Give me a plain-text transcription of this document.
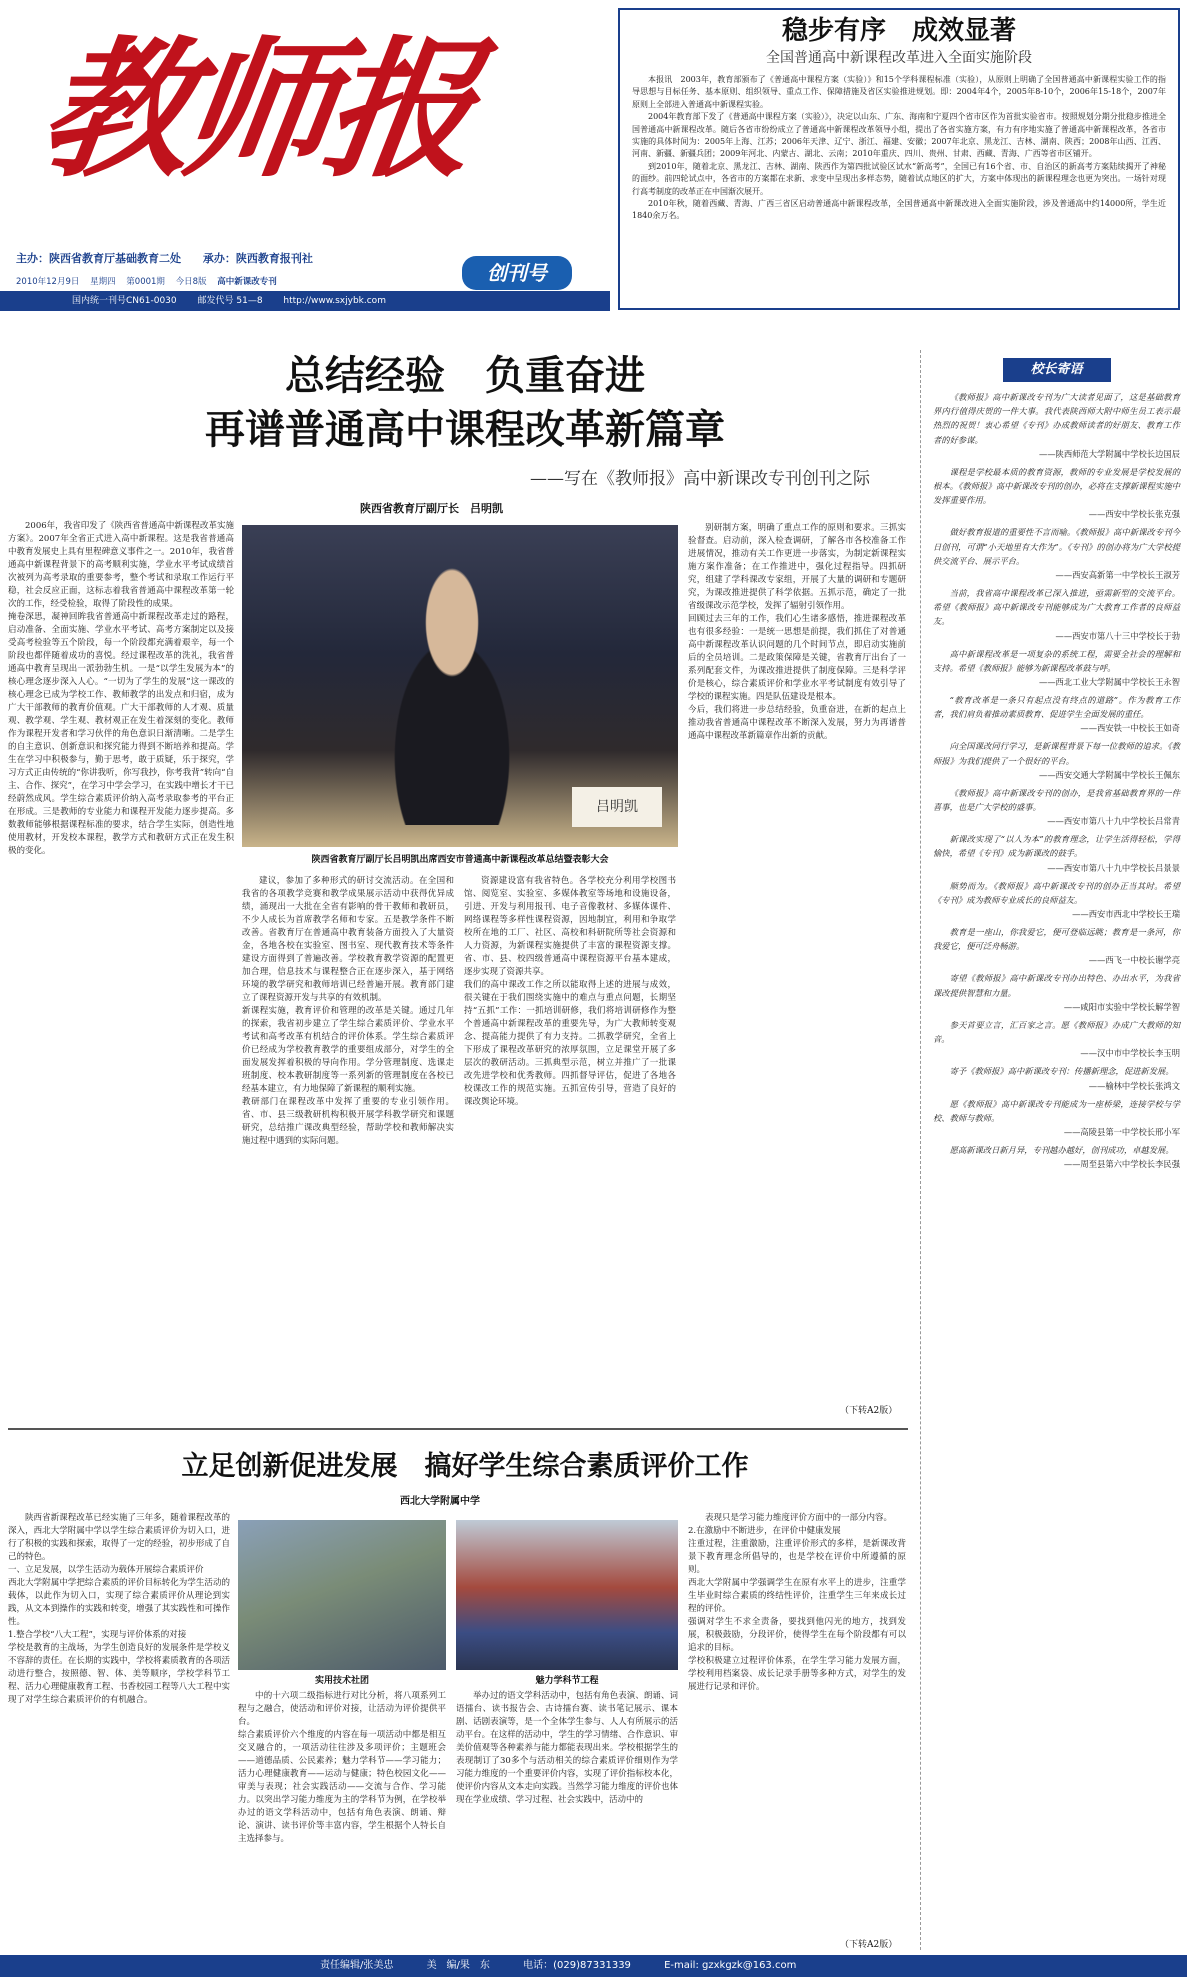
教师报
主办：陕西省教育厅基础教育二处 承办：陕西教育报刊社
创刊号
2010年12月9日 星期四 第0001期 今日8版 高中新课改专刊
国内统一刊号CN61-0030 邮发代号 51—8 http://www.sxjybk.com
稳步有序　成效显著
全国普通高中新课程改革进入全面实施阶段
本报讯　2003年，教育部颁布了《普通高中课程方案（实验）》和15个学科课程标准（实验），从原则上明确了全国普通高中新课程实验工作的指导思想与目标任务、基本原则、组织领导、重点工作、保障措施及省区实验推进规划。即：2004年4个，2005年8-10个，2006年15-18个，2007年原则上全部进入普通高中新课程实验。
2004年教育部下发了《普通高中课程方案（实验）》，决定以山东、广东、海南和宁夏四个省市区作为首批实验省市。按照规划分期分批稳步推进全国普通高中新课程改革。随后各省市纷纷成立了普通高中新课程改革领导小组，提出了各省实施方案，有力有序地实施了普通高中新课程改革，各省市实施的具体时间为：2005年上海、江苏；2006年天津、辽宁、浙江、福建、安徽；2007年北京、黑龙江、吉林、湖南、陕西；2008年山西、江西、河南、新疆、新疆兵团；2009年河北、内蒙古、湖北、云南；2010年重庆、四川、贵州、甘肃、西藏、青海、广西等省市区铺开。
到2010年，随着北京、黑龙江、吉林、湖南、陕西作为第四批试验区试水“新高考”，全国已有16个省、市、自治区的新高考方案陆续揭开了神秘的面纱。前四轮试点中，各省市的方案都在求新、求变中呈现出多样态势，随着试点地区的扩大，方案中体现出的新课程理念也更为突出。一场针对现行高考制度的改革正在中国渐次展开。
2010年秋，随着西藏、青海、广西三省区启动普通高中新课程改革，全国普通高中新课改进入全面实施阶段，涉及普通高中约14000所，学生近1840余万名。
总结经验　负重奋进
再谱普通高中课程改革新篇章
——写在《教师报》高中新课改专刊创刊之际
陕西省教育厅副厅长　吕明凯
2006年，我省印发了《陕西省普通高中新课程改革实施方案》。2007年全省正式进入高中新课程。这是我省普通高中教育发展史上具有里程碑意义事件之一。2010年，我省普通高中新课程背景下的高考顺利实施，学业水平考试成绩首次被列为高考录取的重要参考，整个考试和录取工作运行平稳，社会反应正面，这标志着我省普通高中课程改革第一轮次的工作，经受检验，取得了阶段性的成果。
掩卷深思，凝神回眸我省普通高中新课程改革走过的路程，启动准备、全面实施、学业水平考试、高考方案制定以及接受高考检验等五个阶段，每一个阶段都充满着艰辛，每一个阶段也都伴随着成功的喜悦。经过课程改革的洗礼，我省普通高中教育呈现出一派勃勃生机。一是“以学生发展为本”的核心理念逐步深入人心。“一切为了学生的发展”这一课改的核心理念已成为学校工作、教师教学的出发点和归宿，成为广大干部教师的教育价值观。广大干部教师的人才观、质量观、教学观、学生观、教材观正在发生着深刻的变化。教师作为课程开发者和学习伙伴的角色意识日渐清晰。二是学生的自主意识、创新意识和探究能力得到不断培养和提高。学生在学习中积极参与，勤于思考，敢于质疑，乐于探究，学习方式正由传统的“你讲我听，你写我抄，你考我背”转向“自主、合作、探究”，在学习中学会学习，在实践中增长才干已经蔚然成风。学生综合素质评价纳入高考录取参考的平台正在形成。三是教师的专业能力和课程开发能力逐步提高。多数教师能够根据课程标准的要求，结合学生实际，创造性地使用教材，开发校本课程，教学方式和教研方式正在发生积极的变化。
吕明凯
陕西省教育厅副厅长吕明凯出席西安市普通高中新课程改革总结暨表彰大会
建议，参加了多种形式的研讨交流活动。在全国和我省的各项教学竞赛和教学成果展示活动中获得优异成绩，涌现出一大批在全省有影响的骨干教师和教研员，不少人成长为首席教学名师和专家。五是教学条件不断改善。省教育厅在普通高中教育装备方面投入了大量资金，各地各校在实验室、图书室、现代教育技术等条件建设方面得到了普遍改善。学校教育教学资源的配置更加合理，信息技术与课程整合正在逐步深入，基于网络环境的教学研究和教师培训已经普遍开展。教育部门建立了课程资源开发与共享的有效机制。
新课程实施，教育评价和管理的改革是关键。通过几年的探索，我省初步建立了学生综合素质评价、学业水平考试和高考改革有机结合的评价体系。学生综合素质评价已经成为学校教育教学的重要组成部分，对学生的全面发展发挥着积极的导向作用。学分管理制度、选课走班制度、校本教研制度等一系列新的管理制度在各校已经基本建立，有力地保障了新课程的顺利实施。
教研部门在课程改革中发挥了重要的专业引领作用。省、市、县三级教研机构积极开展学科教学研究和课题研究，总结推广课改典型经验，帮助学校和教师解决实施过程中遇到的实际问题。
资源建设富有我省特色。各学校充分利用学校图书馆、阅览室、实验室、多媒体教室等场地和设施设备，引进、开发与利用报刊、电子音像教材、多媒体课件、网络课程等多样性课程资源，因地制宜，利用和争取学校所在地的工厂、社区、高校和科研院所等社会资源和人力资源，为新课程实施提供了丰富的课程资源支撑。省、市、县、校四级普通高中课程资源平台基本建成，逐步实现了资源共享。
我们的高中课改工作之所以能取得上述的进展与成效，很关键在于我们围绕实施中的难点与重点问题，长期坚持“五抓”工作：一抓培训研修，我们将培训研修作为整个普通高中新课程改革的重要先导，为广大教师转变观念、提高能力提供了有力支持。二抓教学研究，全省上下形成了课程改革研究的浓厚氛围，立足课堂开展了多层次的教研活动。三抓典型示范，树立并推广了一批课改先进学校和优秀教师。四抓督导评估，促进了各地各校课改工作的规范实施。五抓宣传引导，营造了良好的课改舆论环境。
别研制方案，明确了重点工作的原则和要求。三抓实验督查。启动前，深入检查调研，了解各市各校准备工作进展情况，推动有关工作更进一步落实，为制定新课程实施方案作准备；在工作推进中，强化过程指导。四抓研究，组建了学科课改专家组，开展了大量的调研和专题研究，为课改推进提供了科学依据。五抓示范，确定了一批省级课改示范学校，发挥了辐射引领作用。
回顾过去三年的工作，我们心生诸多感悟，推进课程改革也有很多经验：一是统一思想是前提，我们抓住了对普通高中新课程改革认识问题的几个时间节点，即启动实施前后的全员培训。二是政策保障是关键，省教育厅出台了一系列配套文件，为课改推进提供了制度保障。三是科学评价是核心，综合素质评价和学业水平考试制度有效引导了学校的课程实施。四是队伍建设是根本。
今后，我们将进一步总结经验，负重奋进，在新的起点上推动我省普通高中课程改革不断深入发展，努力为再谱普通高中课程改革新篇章作出新的贡献。
（下转A2版）
立足创新促进发展　搞好学生综合素质评价工作
西北大学附属中学
陕西省新课程改革已经实施了三年多，随着课程改革的深入，西北大学附属中学以学生综合素质评价为切入口，进行了积极的实践和探索，取得了一定的经验，初步形成了自己的特色。
一、立足发展，以学生活动为载体开展综合素质评价
西北大学附属中学把综合素质的评价目标转化为学生活动的载体，以此作为切入口，实现了综合素质评价从理论到实践，从文本到操作的实践和转变，增强了其实践性和可操作性。
1.整合学校“八大工程”，实现与评价体系的对接
学校是教育的主战场，为学生创造良好的发展条件是学校义不容辞的责任。在长期的实践中，学校将素质教育的各项活动进行整合，按照德、智、体、美等顺序，学校学科节工程、活力心理健康教育工程、书香校园工程等八大工程中实现了对学生综合素质评价的有机融合。
实用技术社团	魅力学科节工程
中的十六项二级指标进行对比分析，将八项系列工程与之融合，使活动和评价对接，让活动为评价提供平台。
综合素质评价六个维度的内容在每一项活动中都是相互交叉融合的，一项活动往往涉及多项评价；主题班会——道德品质、公民素养；魅力学科节——学习能力；活力心理健康教育——运动与健康；特色校园文化——审美与表现；社会实践活动——交流与合作、学习能力。以突出学习能力维度为主的学科节为例，在学校举办过的语文学科活动中，包括有角色表演、朗诵、辩论、演讲、读书评价等丰富内容，学生根据个人特长自主选择参与。
举办过的语文学科活动中，包括有角色表演、朗诵、词语擂台、读书报告会、古诗擂台赛、读书笔记展示、课本剧、话剧表演等，是一个全体学生参与、人人有所展示的活动平台。在这样的活动中，学生的学习情绪、合作意识、审美价值观等各种素养与能力都能表现出来。学校根据学生的表现制订了30多个与活动相关的综合素质评价细则作为学习能力维度的一个重要评价内容，实现了评价指标校本化，使评价内容从文本走向实践。当然学习能力维度的评价也体现在学业成绩、学习过程、社会实践中，活动中的
表现只是学习能力维度评价方面中的一部分内容。
2.在激励中不断进步，在评价中健康发展
注重过程，注重激励，注重评价形式的多样，是新课改背景下教育理念所倡导的，也是学校在评价中所遵循的原则。
西北大学附属中学强调学生在原有水平上的进步，注重学生毕业时综合素质的终结性评价，注重学生三年来成长过程的评价。
强调对学生不求全责备，要找到他闪光的地方，找到发展，积极鼓励，分段评价，使得学生在每个阶段都有可以追求的目标。
学校积极建立过程评价体系，在学生学习能力发展方面，学校利用档案袋、成长记录手册等多种方式，对学生的发展进行记录和评价。
（下转A2版）
校长寄语
《教师报》高中新课改专刊为广大读者见面了，这是基础教育界内行值得庆贺的一件大事。我代表陕西师大附中师生员工表示最热烈的祝贺！衷心希望《专刊》办成教师读者的好朋友、教育工作者的好参谋。
——陕西师范大学附属中学校长边国辰
课程是学校最本质的教育资源，教师的专业发展是学校发展的根本。《教师报》高中新课改专刊的创办，必将在支撑新课程实施中发挥重要作用。
——西安中学校长张克强
做好教育报道的重要性不言而喻。《教师报》高中新课改专刊今日创刊，可谓“小天地里有大作为”。《专刊》的创办将为广大学校提供交流平台、展示平台。
——西安高新第一中学校长王淑芳
当前，我省高中课程改革已深入推进，亟需新型的交流平台。希望《教师报》高中新课改专刊能够成为广大教育工作者的良师益友。
——西安市第八十三中学校长于勃
高中新课程改革是一项复杂的系统工程，需要全社会的理解和支持。希望《教师报》能够为新课程改革鼓与呼。
——西北工业大学附属中学校长王永智
“教育改革是一条只有起点没有终点的道路”。作为教育工作者，我们肩负着推动素质教育、促进学生全面发展的重任。
——西安铁一中校长王如奇
向全国课改同行学习，是新课程背景下每一位教师的追求。《教师报》为我们提供了一个很好的平台。
——西安交通大学附属中学校长王佩东
《教师报》高中新课改专刊的创办，是我省基础教育界的一件喜事，也是广大学校的盛事。
——西安市第八十九中学校长吕常青
新课改实现了“以人为本”的教育理念，让学生活得轻松，学得愉快，希望《专刊》成为新课改的鼓手。
——西安市第八十九中学校长吕景景
顺势而为。《教师报》高中新课改专刊的创办正当其时。希望《专刊》成为教师专业成长的良师益友。
——西安市西北中学校长王瑞
教育是一座山，你我爱它，便可登临远眺；教育是一条河，你我爱它，便可泛舟畅游。
——西飞一中校长谢学亮
寄望《教师报》高中新课改专刊办出特色、办出水平，为我省课改提供智慧和力量。
——咸阳市实验中学校长解学智
参天首要立言，汇百家之言。愿《教师报》办成广大教师的知音。
——汉中市中学校长李玉明
寄予《教师报》高中新课改专刊：传播新理念，促进新发展。
——榆林中学校长张鸿文
愿《教师报》高中新课改专刊能成为一座桥梁，连接学校与学校、教师与教师。
——高陵县第一中学校长邢小军
愿高新课改日新月异，专刊越办越好，创刊成功，卓越发展。
——周至县第六中学校长李民强
责任编辑/张美忠	美　编/果　东	电话：(029)87331339	E-mail: gzxkgzk@163.com
